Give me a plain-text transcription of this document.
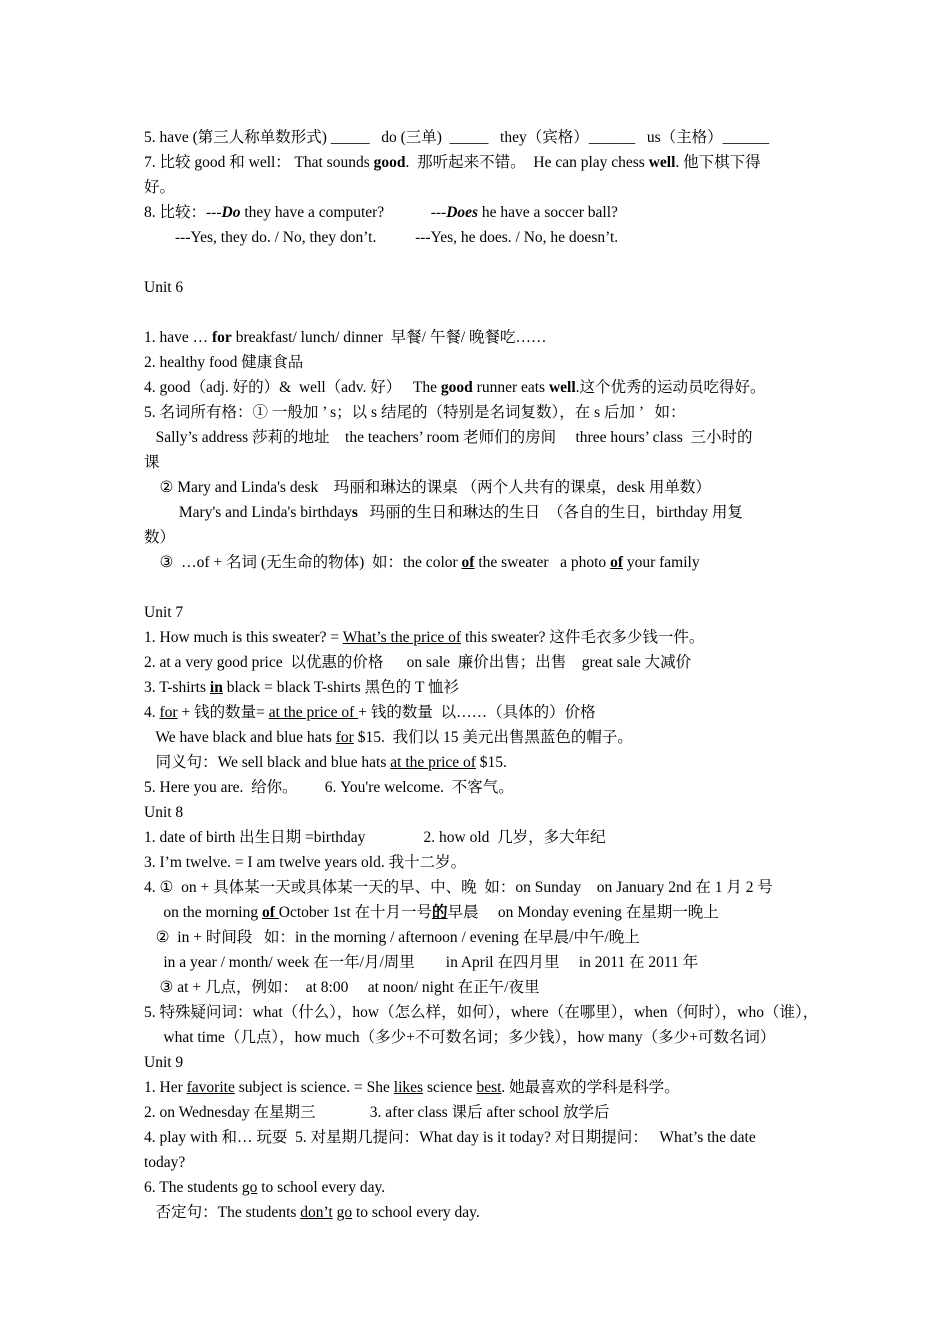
5. have (第三人称单数形式) _____   do (三单)  _____   they（宾格）______   us（主格）______
7. 比较 good 和 well： That sounds good.  那听起来不错。  He can play chess well. 他下棋下得
好。
8. 比较：---Do they have a computer?            ---Does he have a soccer ball?
---Yes, they do. / No, they don’t.          ---Yes, he does. / No, he doesn’t.
Unit 6
1. have … for breakfast/ lunch/ dinner  早餐/ 午餐/ 晚餐吃……
2. healthy food 健康食品
4. good（adj. 好的）&  well（adv. 好）   The good runner eats well.这个优秀的运动员吃得好。
5. 名词所有格：① 一般加 ’ s；以 s 结尾的（特别是名词复数），在 s 后加 ’   如：
Sally’s address 莎莉的地址    the teachers’ room 老师们的房间     three hours’ class  三小时的
课
② Mary and Linda's desk    玛丽和琳达的课桌 （两个人共有的课桌，desk 用单数）
Mary's and Linda's birthdays   玛丽的生日和琳达的生日  （各自的生日，birthday 用复
数）
③  …of + 名词 (无生命的物体)  如：the color of the sweater   a photo of your family
Unit 7
1. How much is this sweater? = What’s the price of this sweater? 这件毛衣多少钱一件。
2. at a very good price  以优惠的价格      on sale  廉价出售；出售    great sale 大减价
3. T-shirts in black = black T-shirts 黑色的 T 恤衫
4. for + 钱的数量= at the price of + 钱的数量  以……（具体的）价格
We have black and blue hats for $15.  我们以 15 美元出售黑蓝色的帽子。
同义句：We sell black and blue hats at the price of $15.
5. Here you are.  给你。       6. You're welcome.  不客气。
Unit 8
1. date of birth 出生日期 =birthday               2. how old  几岁，多大年纪
3. I’m twelve. = I am twelve years old. 我十二岁。
4. ①  on + 具体某一天或具体某一天的早、中、晚  如：on Sunday    on January 2nd 在 1 月 2 号
on the morning of October 1st 在十月一号的早晨     on Monday evening 在星期一晚上
②  in + 时间段   如：in the morning / afternoon / evening 在早晨/中午/晚上
in a year / month/ week 在一年/月/周里        in April 在四月里     in 2011 在 2011 年
③ at + 几点，例如：  at 8:00     at noon/ night 在正午/夜里
5. 特殊疑问词：what（什么），how（怎么样，如何），where（在哪里），when（何时），who（谁），
what time（几点），how much（多少+不可数名词；多少钱），how many（多少+可数名词）
Unit 9
1. Her favorite subject is science. = She likes science best. 她最喜欢的学科是科学。
2. on Wednesday 在星期三              3. after class 课后 after school 放学后
4. play with 和… 玩耍  5. 对星期几提问：What day is it today? 对日期提问：   What’s the date
today?
6. The students go to school every day.
否定句：The students don’t go to school every day.
